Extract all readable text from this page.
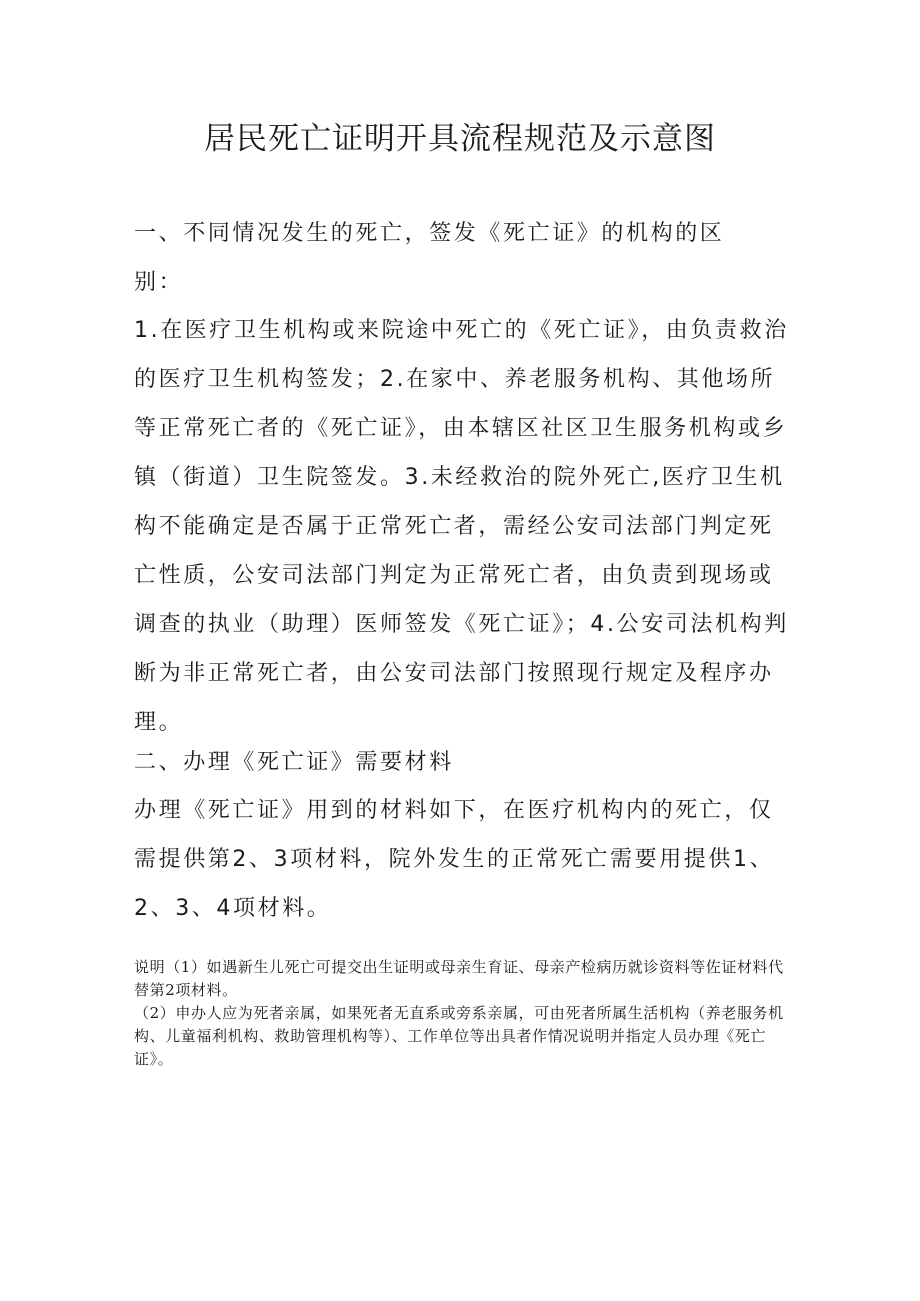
居民死亡证明开具流程规范及示意图

一、不同情况发生的死亡，签发《死亡证》的机构的区别：

1.在医疗卫生机构或来院途中死亡的《死亡证》，由负责救治的医疗卫生机构签发；2.在家中、养老服务机构、其他场所等正常死亡者的《死亡证》，由本辖区社区卫生服务机构或乡镇（街道）卫生院签发。3.未经救治的院外死亡,医疗卫生机构不能确定是否属于正常死亡者，需经公安司法部门判定死亡性质，公安司法部门判定为正常死亡者，由负责到现场或调查的执业（助理）医师签发《死亡证》；4.公安司法机构判断为非正常死亡者，由公安司法部门按照现行规定及程序办理。

二、办理《死亡证》需要材料

办理《死亡证》用到的材料如下，在医疗机构内的死亡，仅需提供第2、3项材料，院外发生的正常死亡需要用提供1、2、3、4项材料。

说明（1）如遇新生儿死亡可提交出生证明或母亲生育证、母亲产检病历就诊资料等佐证材料代替第2项材料。

（2）申办人应为死者亲属，如果死者无直系或旁系亲属，可由死者所属生活机构（养老服务机构、儿童福利机构、救助管理机构等）、工作单位等出具者作情况说明并指定人员办理《死亡证》。
